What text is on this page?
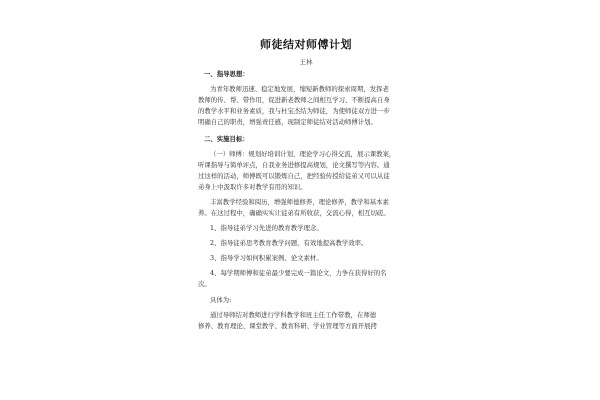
师徒结对师傅计划
王林
一、指导思想：
为青年教师迅速、稳定地发展，缩短新教师的探索周期，发挥老
教师的传、帮、带作用，促进新老教师之间相互学习、不断提高自身
的教学水平和业务素质，我与杜宝杰结为师徒，为使师徒双方进一步
明确自己的职责，增强责任感，现制定师徒结对活动师傅计划。
二、实施目标：
（一）师傅：规划好培训计划，理论学习心得交流，展示课教案，
听课指导与简单评点，自我业务进修提高规划，论文撰写等内容。通
过这样的活动，师傅既可以锻炼自己，把经验传授给徒弟又可以从徒
弟身上中汲取许多对教学有用的知识。
丰富教学经验和阅历，增强师德修养，理论修养，教学和基本素
养。在这过程中，确确实实让徒弟有所收获，交流心得，相互切磋。
1、指导徒弟学习先进的教育教学理念。
2、指导徒弟思考教育教学问题，有效地提高教学效率。
3、指导学习如何积累案例、论文素材。
4、每学期师傅和徒弟最少要完成一篇论文，力争在获得好的名
次。
具体为:
通过导师结对教师进行学科教学和班主任工作带教，在师德
修养、教育理论、课堂教学、教育科研、学业管理等方面开展拷
